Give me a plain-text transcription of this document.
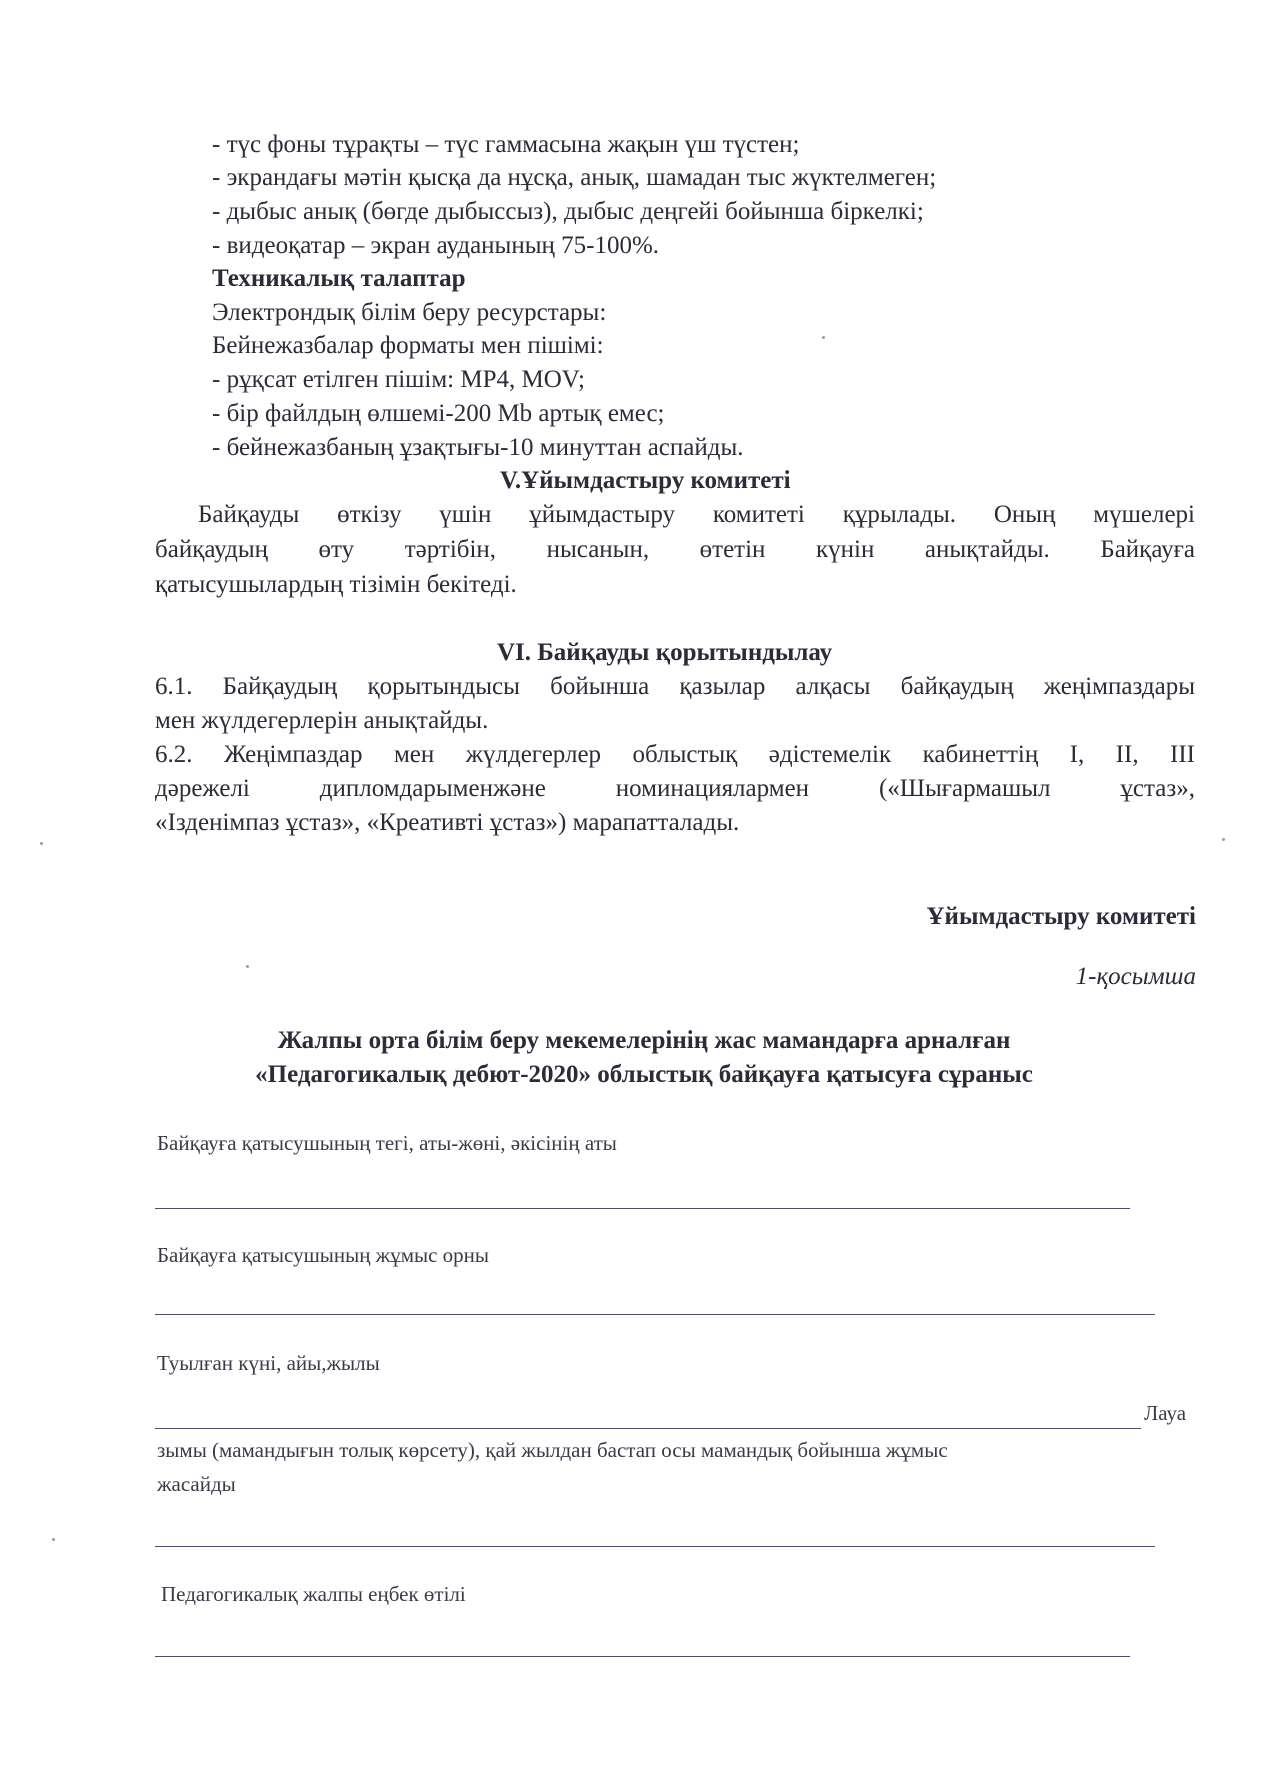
- түс фоны тұрақты – түс гаммасына жақын үш түстен;
- экрандағы мәтін қысқа да нұсқа, анық, шамадан тыс жүктелмеген;
- дыбыс анық (бөгде дыбыссыз), дыбыс деңгейі бойынша біркелкі;
- видеоқатар – экран ауданының 75-100%.
Техникалық талаптар
Электрондық білім беру ресурстары:
Бейнежазбалар форматы мен пішімі:
- рұқсат етілген пішім: MP4, MOV;
- бір файлдың өлшемі-200 Мb артық емес;
- бейнежазбаның ұзақтығы-10 минуттан аспайды.
V.Ұйымдастыру комитеті
Байқауды өткізу үшін ұйымдастыру комитеті құрылады. Оның мүшелері
байқаудың өту тәртібін, нысанын, өтетін күнін анықтайды. Байқауға
қатысушылардың тізімін бекітеді.
VI. Байқауды қорытындылау
6.1. Байқаудың қорытындысы бойынша қазылар алқасы байқаудың жеңімпаздары
мен жүлдегерлерін анықтайды.
6.2. Жеңімпаздар мен жүлдегерлер облыстық әдістемелік кабинеттің I, II, III
дәрежелі дипломдарыменжәне номинациялармен («Шығармашыл ұстаз»,
«Ізденімпаз ұстаз», «Креативті ұстаз») марапатталады.
Ұйымдастыру комитеті
1-қосымша
Жалпы орта білім беру мекемелерінің жас мамандарға арналған
«Педагогикалық дебют-2020» облыстық байқауға қатысуға сұраныс
Байқауға қатысушының тегі, аты-жөні, әкісінің аты
Байқауға қатысушының жұмыс орны
Туылған күні, айы,жылы
Лауа
зымы (мамандығын толық көрсету), қай жылдан бастап осы мамандық бойынша жұмыс
жасайды
Педагогикалық жалпы еңбек өтілі
